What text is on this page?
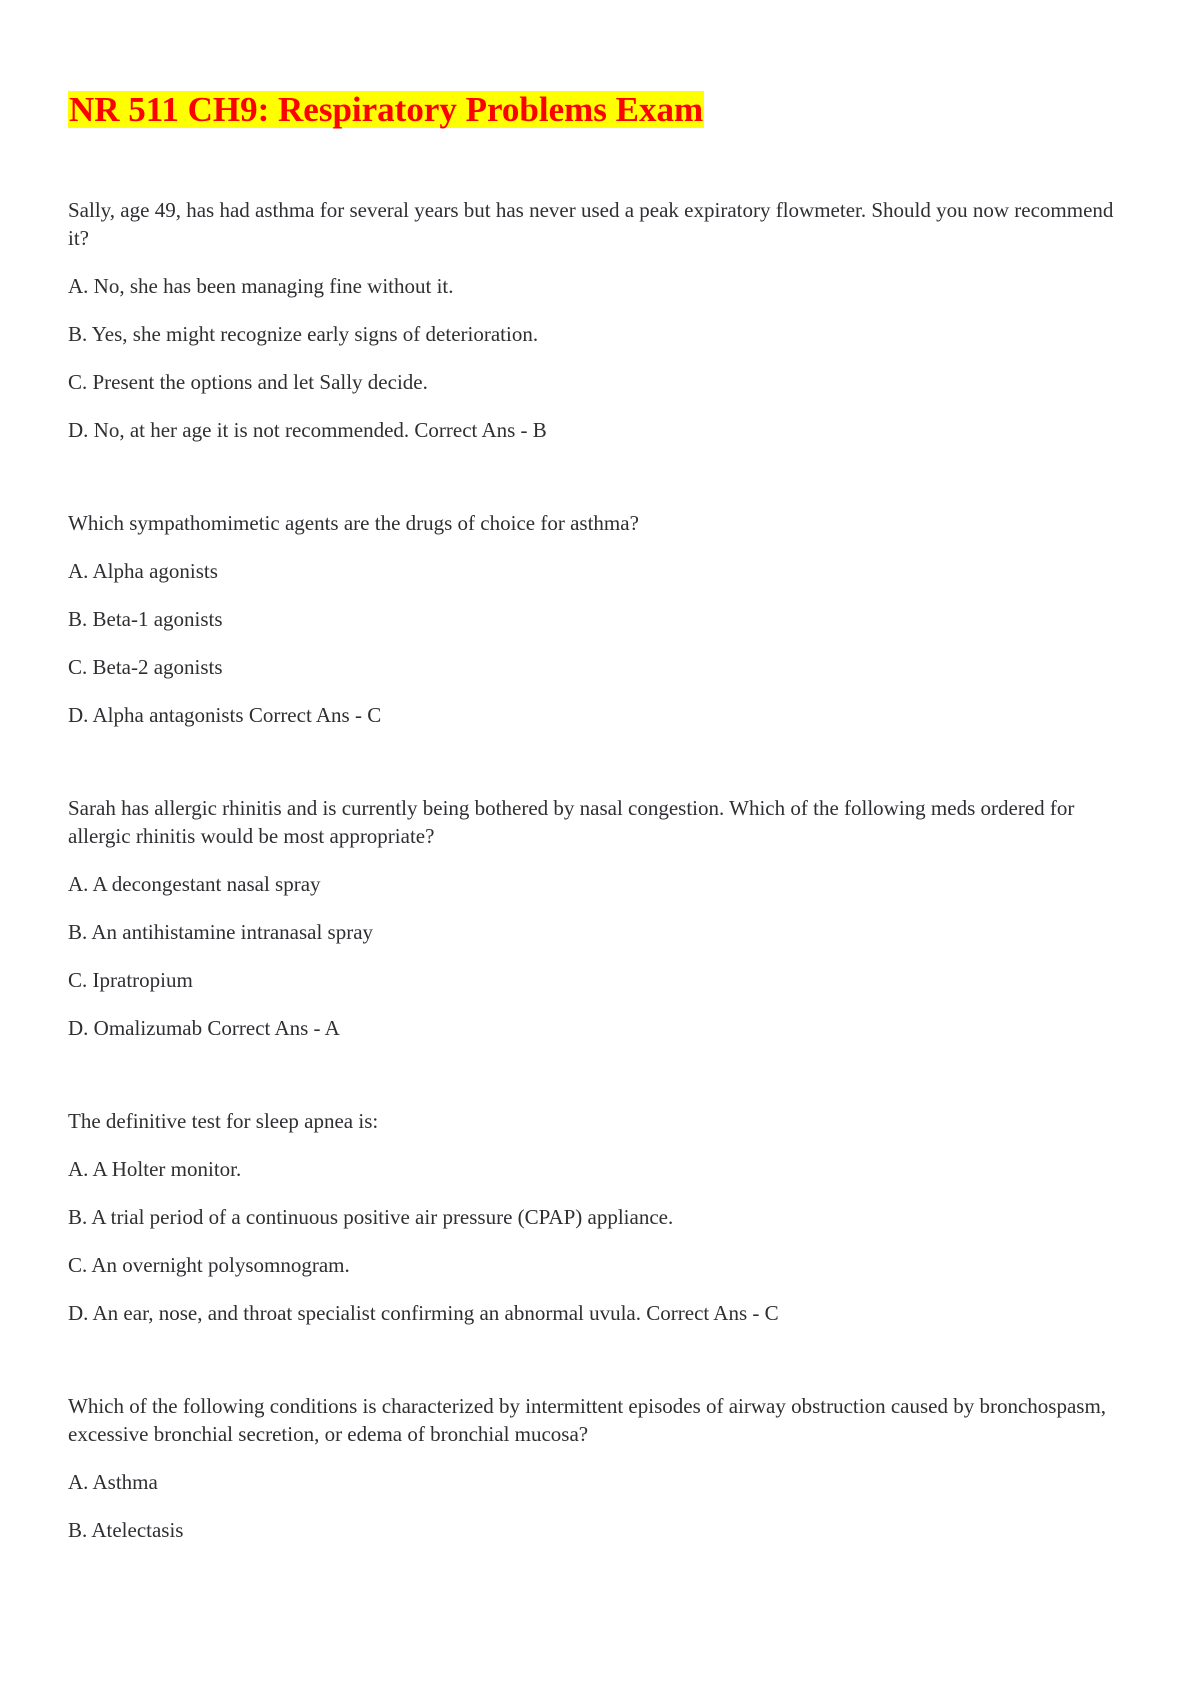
NR 511 CH9: Respiratory Problems Exam

Sally, age 49, has had asthma for several years but has never used a peak expiratory flowmeter. Should you now recommend it?

A. No, she has been managing fine without it.

B. Yes, she might recognize early signs of deterioration.

C. Present the options and let Sally decide.

D. No, at her age it is not recommended. Correct Ans - B

Which sympathomimetic agents are the drugs of choice for asthma?

A. Alpha agonists

B. Beta-1 agonists

C. Beta-2 agonists

D. Alpha antagonists Correct Ans - C

Sarah has allergic rhinitis and is currently being bothered by nasal congestion. Which of the following meds ordered for allergic rhinitis would be most appropriate?

A. A decongestant nasal spray

B. An antihistamine intranasal spray

C. Ipratropium

D. Omalizumab Correct Ans - A

The definitive test for sleep apnea is:

A. A Holter monitor.

B. A trial period of a continuous positive air pressure (CPAP) appliance.

C. An overnight polysomnogram.

D. An ear, nose, and throat specialist confirming an abnormal uvula. Correct Ans - C

Which of the following conditions is characterized by intermittent episodes of airway obstruction caused by bronchospasm, excessive bronchial secretion, or edema of bronchial mucosa?

A. Asthma

B. Atelectasis
